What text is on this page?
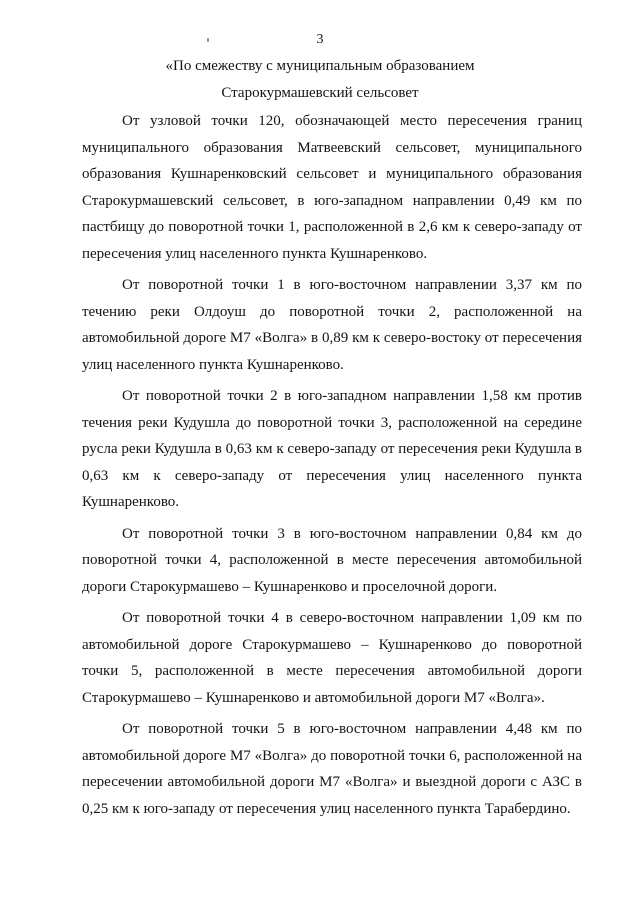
3
«По смежеству с муниципальным образованием
Старокурмашевский сельсовет

От узловой точки 120, обозначающей место пересечения границ муниципального образования Матвеевский сельсовет, муниципального образования Кушнаренковский сельсовет и муниципального образования Старокурмашевский сельсовет, в юго-западном направлении 0,49 км по пастбищу до поворотной точки 1, расположенной в 2,6 км к северо-западу от пересечения улиц населенного пункта Кушнаренково.

От поворотной точки 1 в юго-восточном направлении 3,37 км по течению реки Олдоуш до поворотной точки 2, расположенной на автомобильной дороге М7 «Волга» в 0,89 км к северо-востоку от пересечения улиц населенного пункта Кушнаренково.

От поворотной точки 2 в юго-западном направлении 1,58 км против течения реки Кудушла до поворотной точки 3, расположенной на середине русла реки Кудушла в 0,63 км к северо-западу от пересечения реки Кудушла в 0,63 км к северо-западу от пересечения улиц населенного пункта Кушнаренково.

От поворотной точки 3 в юго-восточном направлении 0,84 км до поворотной точки 4, расположенной в месте пересечения автомобильной дороги Старокурмашево – Кушнаренково и проселочной дороги.

От поворотной точки 4 в северо-восточном направлении 1,09 км по автомобильной дороге Старокурмашево – Кушнаренково до поворотной точки 5, расположенной в месте пересечения автомобильной дороги Старокурмашево – Кушнаренково и автомобильной дороги М7 «Волга».

От поворотной точки 5 в юго-восточном направлении 4,48 км по автомобильной дороге М7 «Волга» до поворотной точки 6, расположенной на пересечении автомобильной дороги М7 «Волга» и выездной дороги с АЗС в 0,25 км к юго-западу от пересечения улиц населенного пункта Тарабердино.
